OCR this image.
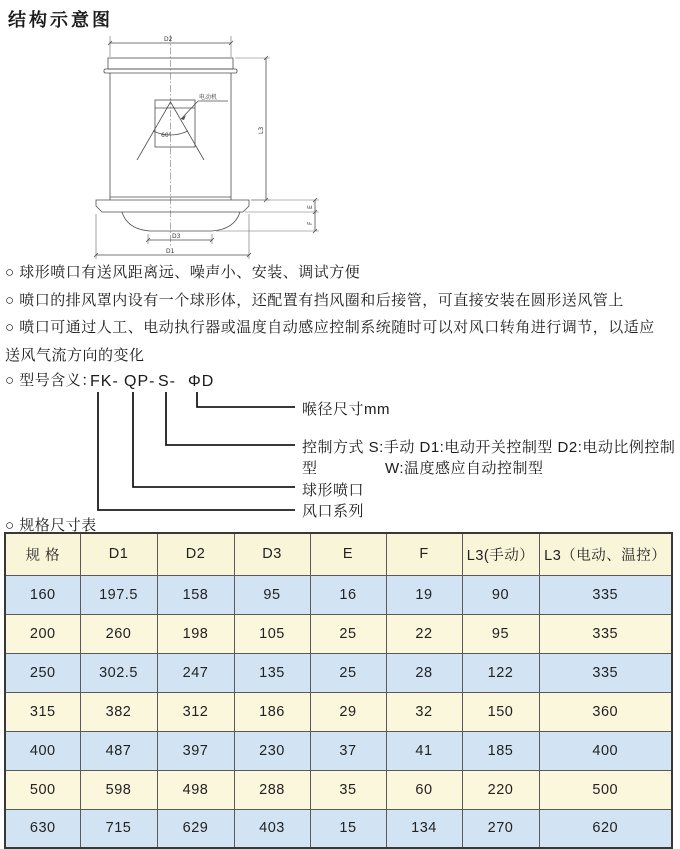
结构示意图
D2
60°
电动机
D3
D1
L3
E
F
○ 球形喷口有送风距离远、噪声小、安装、调试方便
○ 喷口的排风罩内设有一个球形体，还配置有挡风圈和后接管，可直接安装在圆形送风管上
○ 喷口可通过人工、电动执行器或温度自动感应控制系统随时可以对风口转角进行调节，以适应送风气流方向的变化
○ 型号含义：
FK- QP- S- ΦD
喉径尺寸mm
控制方式 S:手动 D1:电动开关控制型 D2:电动比例控制型	W:温度感应自动控制型
球形喷口
风口系列
○ 规格尺寸表
规 格	D1	D2	D3	E	F	L3(手动）	L3（电动、温控）
160	197.5	158	95	16	19	90	335
200	260	198	105	25	22	95	335
250	302.5	247	135	25	28	122	335
315	382	312	186	29	32	150	360
400	487	397	230	37	41	185	400
500	598	498	288	35	60	220	500
630	715	629	403	15	134	270	620
